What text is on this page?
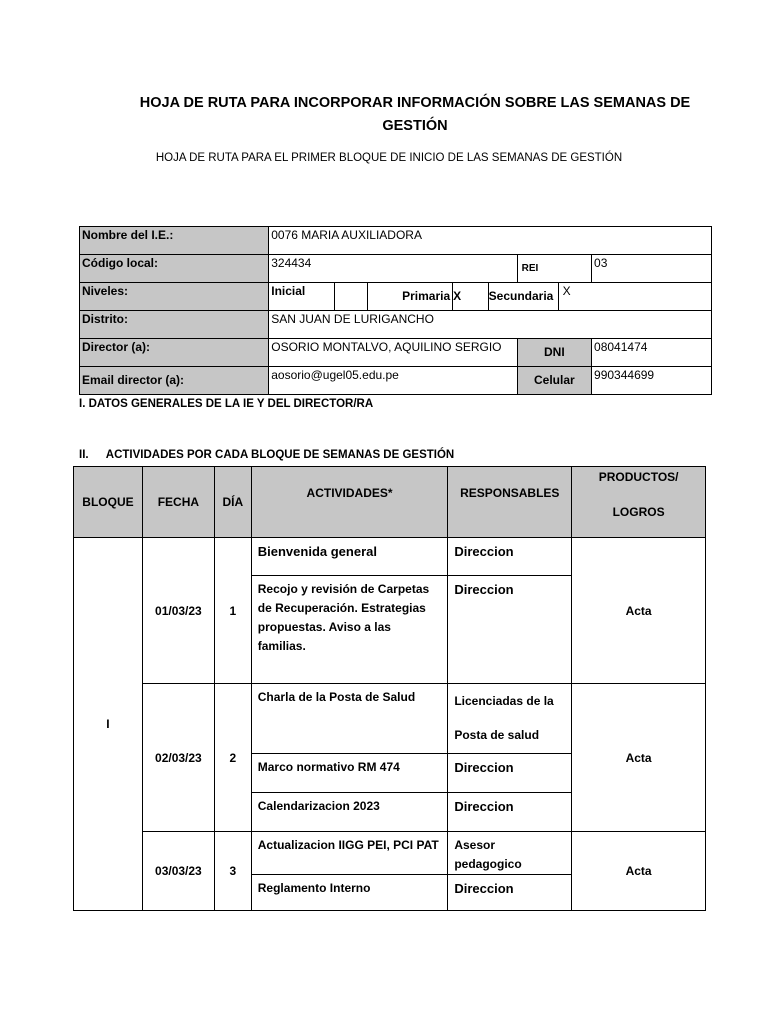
HOJA DE RUTA PARA INCORPORAR INFORMACIÓN SOBRE LAS SEMANAS DE GESTIÓN
HOJA DE RUTA PARA EL PRIMER BLOQUE DE INICIO DE LAS SEMANAS DE GESTIÓN
Nombre del I.E.:	0076 MARIA AUXILIADORA							
Código local:	324434					REI		03
Niveles:	Inicial		Primaria	X	Secundaria		X	
Distrito:	SAN JUAN DE LURIGANCHO							
Director (a):	OSORIO MONTALVO, AQUILINO SERGIO					DNI		08041474
Email director (a):	aosorio@ugel05.edu.pe					Celular		990344699
I. DATOS GENERALES DE LA IE Y DEL DIRECTOR/RA
II. ACTIVIDADES POR CADA BLOQUE DE SEMANAS DE GESTIÓN
BLOQUE	FECHA	DÍA	ACTIVIDADES*	RESPONSABLES	PRODUCTOS/
LOGROS

I	01/03/23	1	Bienvenida general	Direccion	Acta
			Recojo y revisión de Carpetas de Recuperación. Estrategias propuestas. Aviso a las familias.	Direccion	
	02/03/23	2	Charla de la Posta de Salud	Licenciadas de la Posta de salud	Acta
			Marco normativo RM 474	Direccion	
			Calendarizacion 2023	Direccion	
	03/03/23	3	Actualizacion IIGG PEI, PCI PAT	Asesor pedagogico	Acta
			Reglamento Interno	Direccion	
